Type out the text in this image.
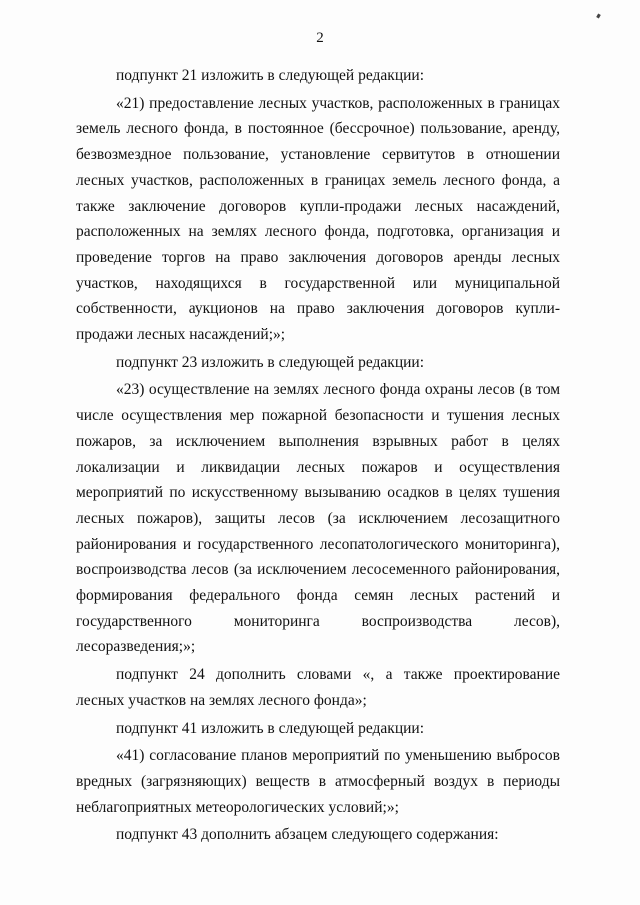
2

подпункт 21 изложить в следующей редакции:

«21) предоставление лесных участков, расположенных в границах земель лесного фонда, в постоянное (бессрочное) пользование, аренду, безвозмездное пользование, установление сервитутов в отношении лесных участков, расположенных в границах земель лесного фонда, а также заключение договоров купли-продажи лесных насаждений, расположенных на землях лесного фонда, подготовка, организация и проведение торгов на право заключения договоров аренды лесных участков, находящихся в государственной или муниципальной собственности, аукционов на право заключения договоров купли-продажи лесных насаждений;»;

подпункт 23 изложить в следующей редакции:

«23) осуществление на землях лесного фонда охраны лесов (в том числе осуществления мер пожарной безопасности и тушения лесных пожаров, за исключением выполнения взрывных работ в целях локализации и ликвидации лесных пожаров и осуществления мероприятий по искусственному вызыванию осадков в целях тушения лесных пожаров), защиты лесов (за исключением лесозащитного районирования и государственного лесопатологического мониторинга), воспроизводства лесов (за исключением лесосеменного районирования, формирования федерального фонда семян лесных растений и государственного мониторинга воспроизводства лесов), лесоразведения;»;

подпункт 24 дополнить словами «, а также проектирование лесных участков на землях лесного фонда»;

подпункт 41 изложить в следующей редакции:

«41) согласование планов мероприятий по уменьшению выбросов вредных (загрязняющих) веществ в атмосферный воздух в периоды неблагоприятных метеорологических условий;»;

подпункт 43 дополнить абзацем следующего содержания:
